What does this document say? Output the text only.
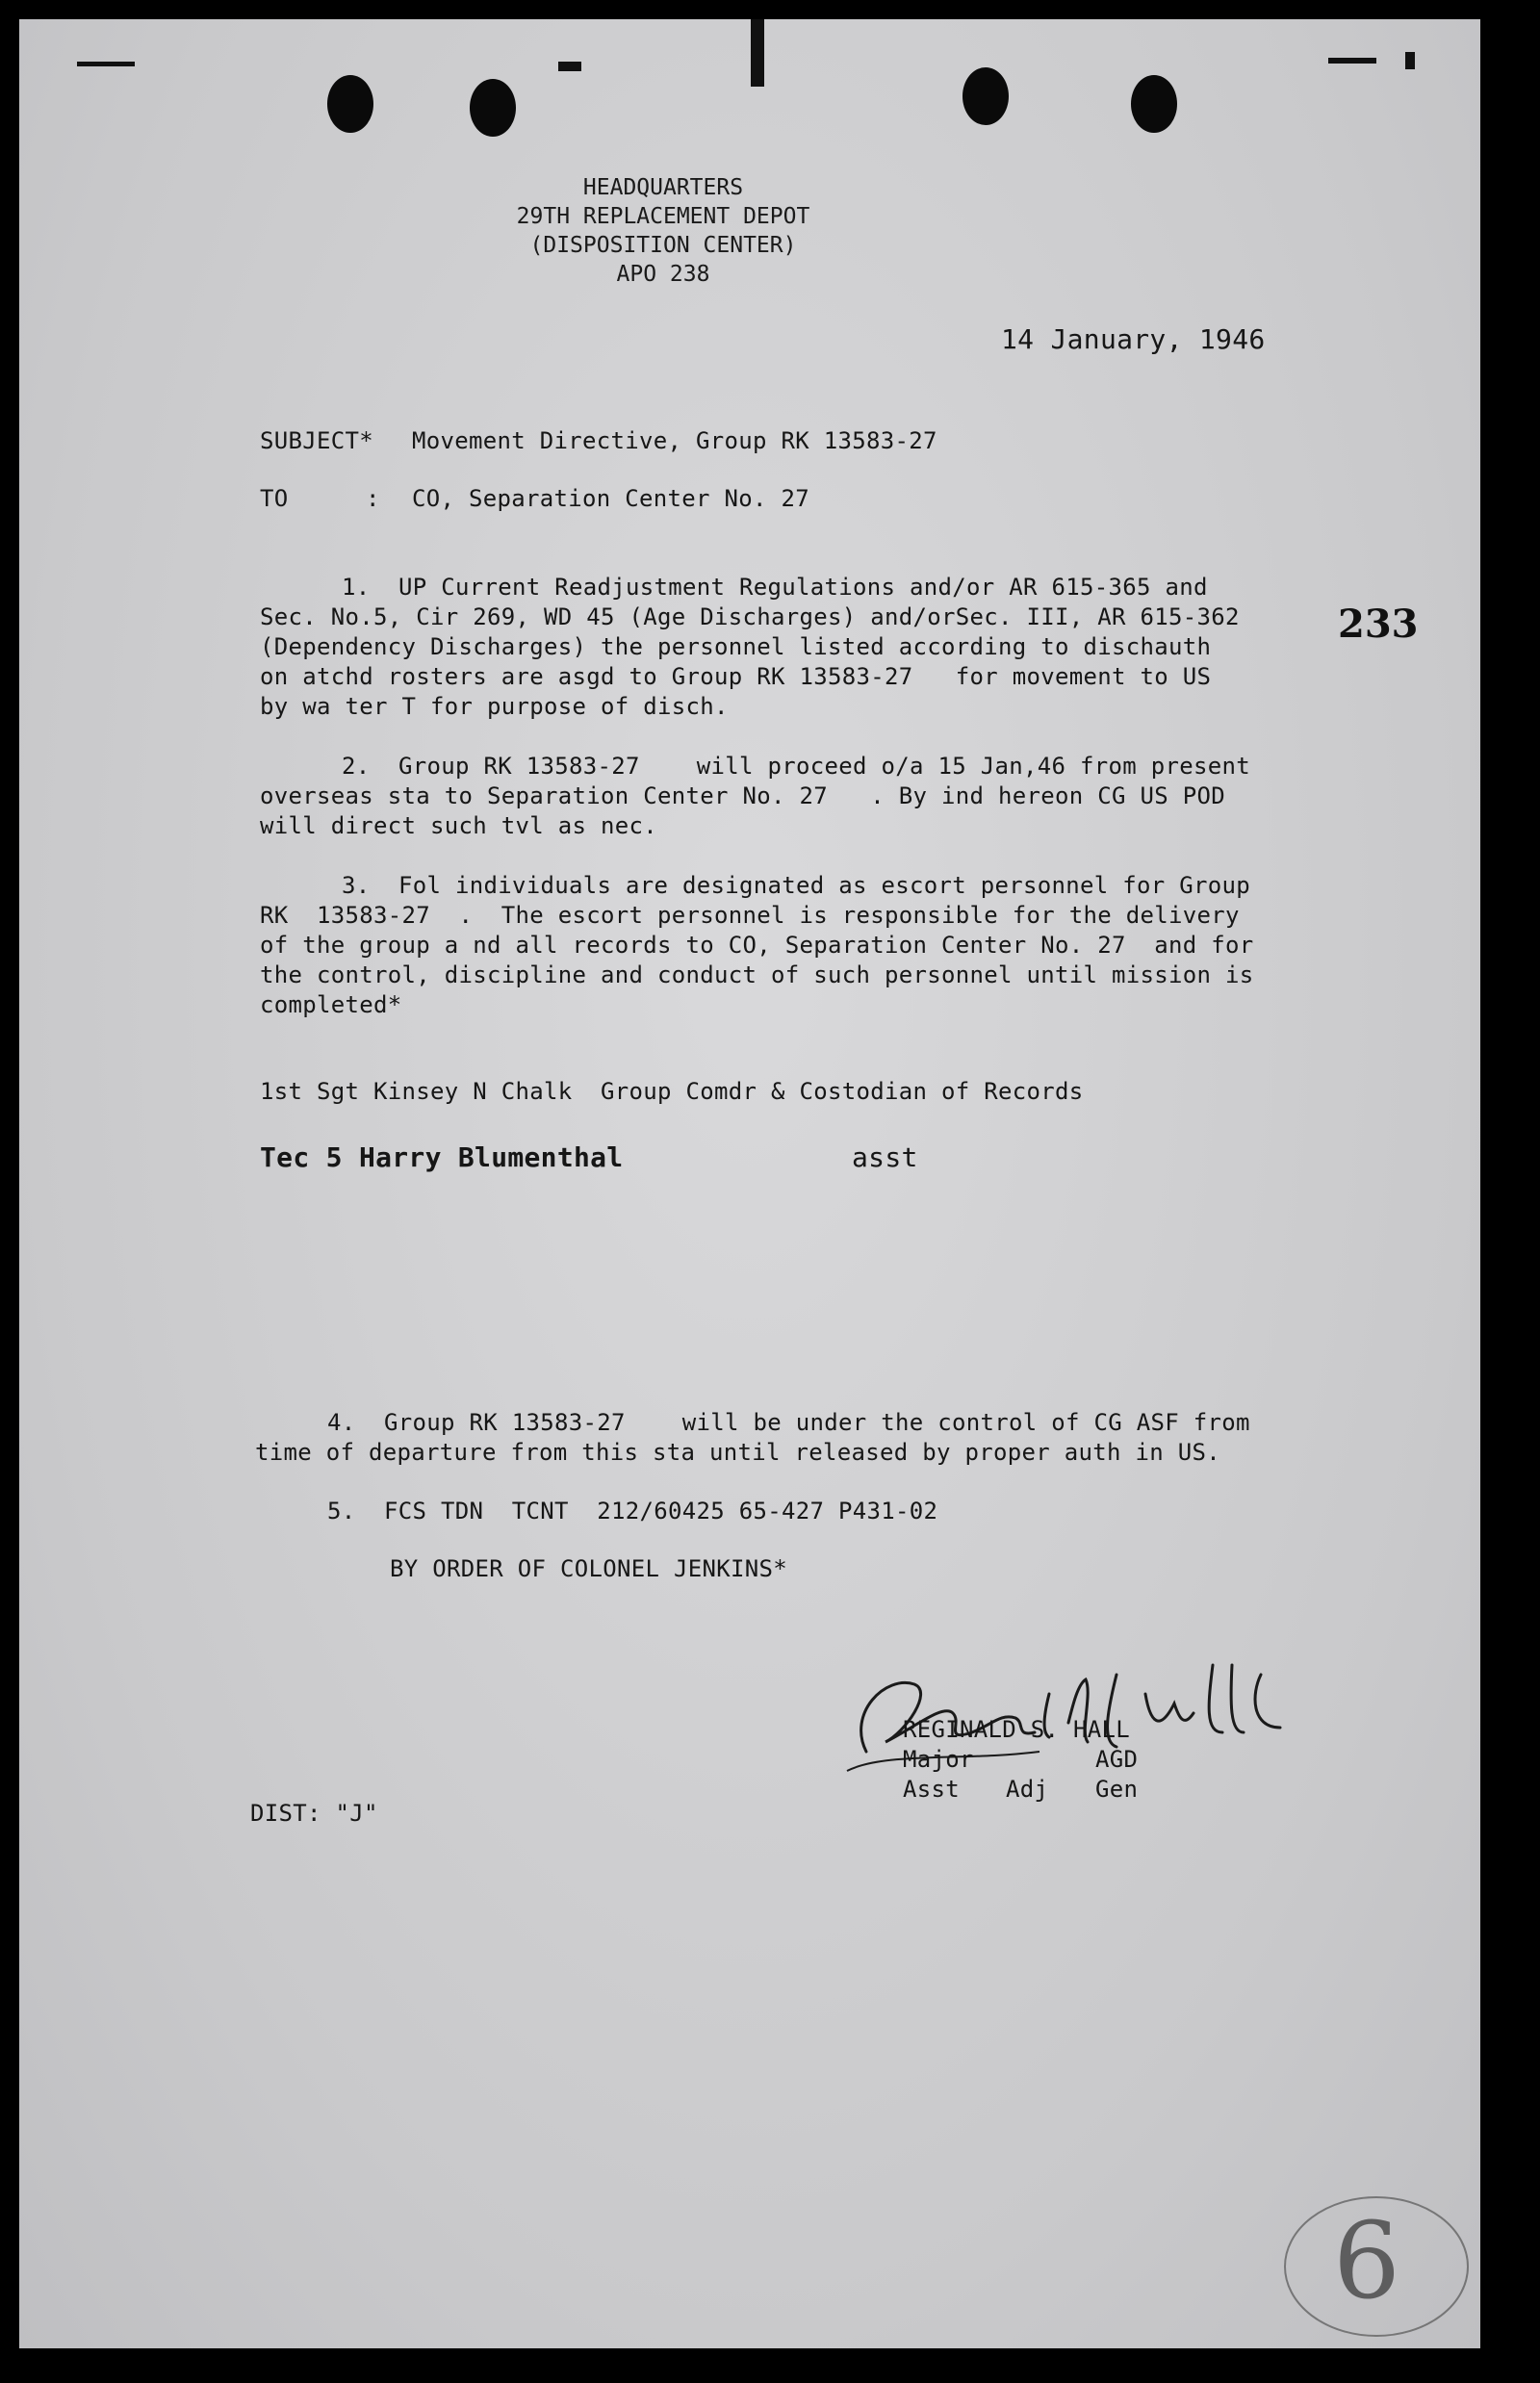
HEADQUARTERS
29TH REPLACEMENT DEPOT
(DISPOSITION CENTER)
APO 238
14 January, 1946
233
SUBJECT* Movement Directive, Group RK 13583-27
TO	: CO, Separation Center No. 27
1.  UP Current Readjustment Regulations and/or AR 615-365 and
Sec. No.5, Cir 269, WD 45 (Age Discharges) and/orSec. III, AR 615-362
(Dependency Discharges) the personnel listed according to dischauth
on atchd rosters are asgd to Group RK 13583-27   for movement to US
by wa ter T for purpose of disch.
2.  Group RK 13583-27    will proceed o/a 15 Jan,46 from present
overseas sta to Separation Center No. 27   . By ind hereon CG US POD
will direct such tvl as nec.
3.  Fol individuals are designated as escort personnel for Group
RK  13583-27  .  The escort personnel is responsible for the delivery
of the group a nd all records to CO, Separation Center No. 27  and for
the control, discipline and conduct of such personnel until mission is
completed*
1st Sgt Kinsey N Chalk  Group Comdr & Costodian of Records
Tec 5 Harry Blumenthal	asst
4.  Group RK 13583-27    will be under the control of CG ASF from
time of departure from this sta until released by proper auth in US.
5.  FCS TDN  TCNT  212/60425 65-427 P431-02
BY ORDER OF COLONEL JENKINS*
REGINALD S. HALL
Major	AGD
Asst Adj Gen
DIST: "J"
6
